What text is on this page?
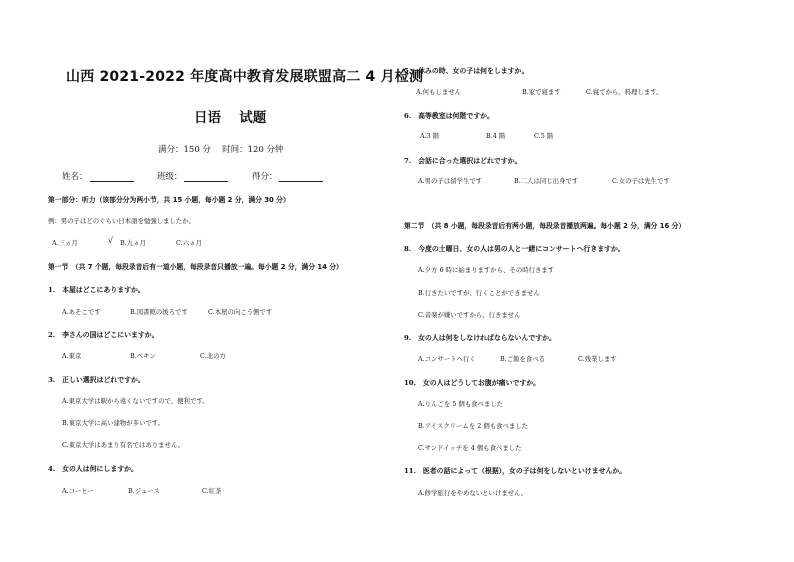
山西 2021-2022 年度高中教育发展联盟高二 4 月检测
日语　 试题
满分：150 分　 时间：120 分钟
姓名：	班级：	得分：
第一部分：听力（该部分分为两小节，共 15 小题，每小题 2 分，满分 30 分）
例：男の子はどのぐらい日本語を勉強しましたか。
A.三ヵ月	√ B.九ヵ月	C.六ヵ月
第一节　（共 7 个题，每段录音后有一道小题，每段录音只播放一遍。每小题 2 分，满分 14 分）
1.　本屋はどこにありますか。
A.あそこです	B.図書館の後ろです	C.本屋の向こう側です
2.　李さんの国はどこにいますか。
A.東京	B.ペキン	C.北の方
3.　正しい選択はどれですか。
A.東京大学は駅から遠くないですので、便利です。
B.東京大学に高い建物が多いです。
C.東京大学はあまり有名ではありません。
4.　女の人は何にしますか。
A.コーヒー	B.ジュース	C.紅茶
5.　休みの時、女の子は何をしますか。
A.何もしません	B.家で寝ます	C.寝てから、料理します。
6.　高等教室は何階ですか。
A.3 階	B.4 階	C.5 階
7.　会話に合った選択はどれですか。
A.男の子は留学生です	B.二人は同じ出身です	C.女の子は先生です
第二节　（共 8 小题，每段录音后有两小题，每段录音播放两遍。每小题 2 分，满分 16 分）
8.　今度の土曜日、女の人は男の人と一緒にコンサートへ行きますか。
A.夕方 6 時に始まりますから、その時行きます
B.行きたいですが、行くことができません
C.音楽が嫌いですから、行きません
9.　女の人は何をしなければならないんですか。
A.コンサートへ行く	B.ご飯を食べる	C.残業します
10.　女の人はどうしてお腹が痛いですか。
A.りんごを 5 個も食べました
B.アイスクリームを 2 個も食べました
C.サンドイッチを 4 個も食べました
11.　医者の話によって（根据），女の子は何をしないといけませんか。
A.修学旅行をやめないといけません。
